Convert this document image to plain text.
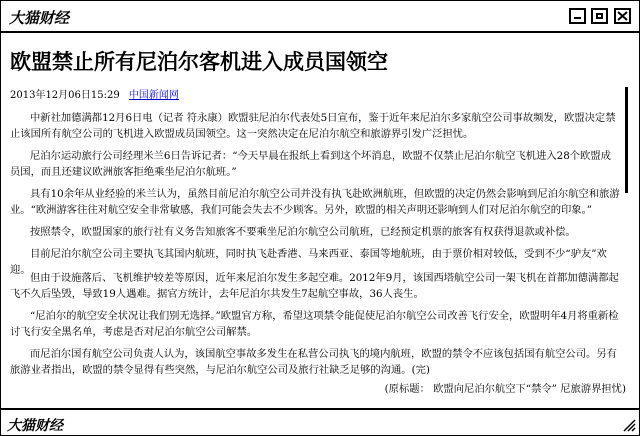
大猫财经
欧盟禁止所有尼泊尔客机进入成员国领空
2013年12月06日15:29 中国新闻网

中新社加德满都12月6日电（记者 符永康）欧盟驻尼泊尔代表处5日宣布，鉴于近年来尼泊尔多家航空公司事故频发，欧盟决定禁止该国所有航空公司的飞机进入欧盟成员国领空。这一突然决定在尼泊尔航空和旅游界引发广泛担忧。

尼泊尔运动旅行公司经理米兰6日告诉记者：“今天早晨在报纸上看到这个坏消息，欧盟不仅禁止尼泊尔航空飞机进入28个欧盟成员国，而且还建议欧洲旅客拒绝乘坐尼泊尔航班。”

具有10余年从业经验的米兰认为，虽然目前尼泊尔航空公司并没有执飞赴欧洲航班，但欧盟的决定仍然会影响到尼泊尔航空和旅游业。“欧洲游客往往对航空安全非常敏感，我们可能会失去不少顾客。另外，欧盟的相关声明还影响到人们对尼泊尔航空的印象。”

按照禁令，欧盟国家的旅行社有义务告知旅客不要乘坐尼泊尔航空公司航班，已经预定机票的旅客有权获得退款或补偿。

目前尼泊尔航空公司主要执飞其国内航班，同时执飞赴香港、马来西亚、泰国等地航班，由于票价相对较低，受到不少“驴友”欢迎。

但由于设施落后、飞机维护较差等原因，近年来尼泊尔发生多起空难。2012年9月，该国西塔航空公司一架飞机在首都加德满都起飞不久后坠毁，导致19人遇难。据官方统计，去年尼泊尔共发生7起航空事故，36人丧生。

“尼泊尔的航空安全状况让我们别无选择。”欧盟官方称，希望这项禁令能促使尼泊尔航空公司改善飞行安全，欧盟明年4月将重新检讨飞行安全黑名单，考虑是否对尼泊尔航空公司解禁。

而尼泊尔国有航空公司负责人认为，该国航空事故多发生在私营公司执飞的境内航班，欧盟的禁令不应该包括国有航空公司。另有旅游业者指出，欧盟的禁令显得有些突然，与尼泊尔航空公司及旅行社缺乏足够的沟通。(完)

(原标题： 欧盟向尼泊尔航空下“禁令” 尼旅游界担忧)
大猫财经
